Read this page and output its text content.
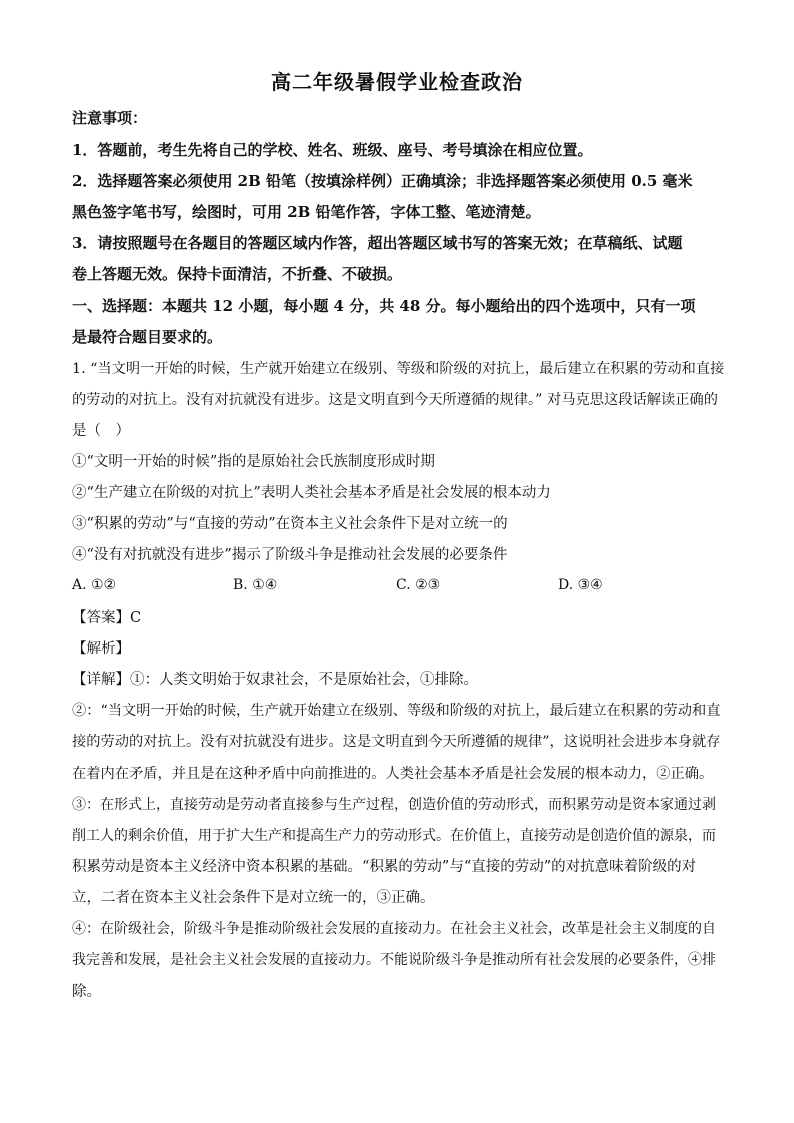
高二年级暑假学业检查政治
注意事项：
1．答题前，考生先将自己的学校、姓名、班级、座号、考号填涂在相应位置。
2．选择题答案必须使用 2B 铅笔（按填涂样例）正确填涂；非选择题答案必须使用 0.5 毫米
黑色签字笔书写，绘图时，可用 2B 铅笔作答，字体工整、笔迹清楚。
3．请按照题号在各题目的答题区域内作答，超出答题区域书写的答案无效；在草稿纸、试题
卷上答题无效。保持卡面清洁，不折叠、不破损。
一、选择题：本题共 12 小题，每小题 4 分，共 48 分。每小题给出的四个选项中，只有一项
是最符合题目要求的。
1. “当文明一开始的时候，生产就开始建立在级别、等级和阶级的对抗上，最后建立在积累的劳动和直接
的劳动的对抗上。没有对抗就没有进步。这是文明直到今天所遵循的规律。” 对马克思这段话解读正确的
是（　）
①“文明一开始的时候”指的是原始社会氏族制度形成时期
②“生产建立在阶级的对抗上”表明人类社会基本矛盾是社会发展的根本动力
③“积累的劳动”与“直接的劳动”在资本主义社会条件下是对立统一的
④“没有对抗就没有进步”揭示了阶级斗争是推动社会发展的必要条件
A. ①②	B. ①④	C. ②③	D. ③④
【答案】C
【解析】
【详解】①：人类文明始于奴隶社会，不是原始社会，①排除。
②：“当文明一开始的时候，生产就开始建立在级别、等级和阶级的对抗上，最后建立在积累的劳动和直
接的劳动的对抗上。没有对抗就没有进步。这是文明直到今天所遵循的规律”，这说明社会进步本身就存
在着内在矛盾，并且是在这种矛盾中向前推进的。人类社会基本矛盾是社会发展的根本动力，②正确。
③：在形式上，直接劳动是劳动者直接参与生产过程，创造价值的劳动形式，而积累劳动是资本家通过剥
削工人的剩余价值，用于扩大生产和提高生产力的劳动形式。在价值上，直接劳动是创造价值的源泉，而
积累劳动是资本主义经济中资本积累的基础。“积累的劳动”与“直接的劳动”的对抗意味着阶级的对
立，二者在资本主义社会条件下是对立统一的，③正确。
④：在阶级社会，阶级斗争是推动阶级社会发展的直接动力。在社会主义社会，改革是社会主义制度的自
我完善和发展，是社会主义社会发展的直接动力。不能说阶级斗争是推动所有社会发展的必要条件，④排
除。
